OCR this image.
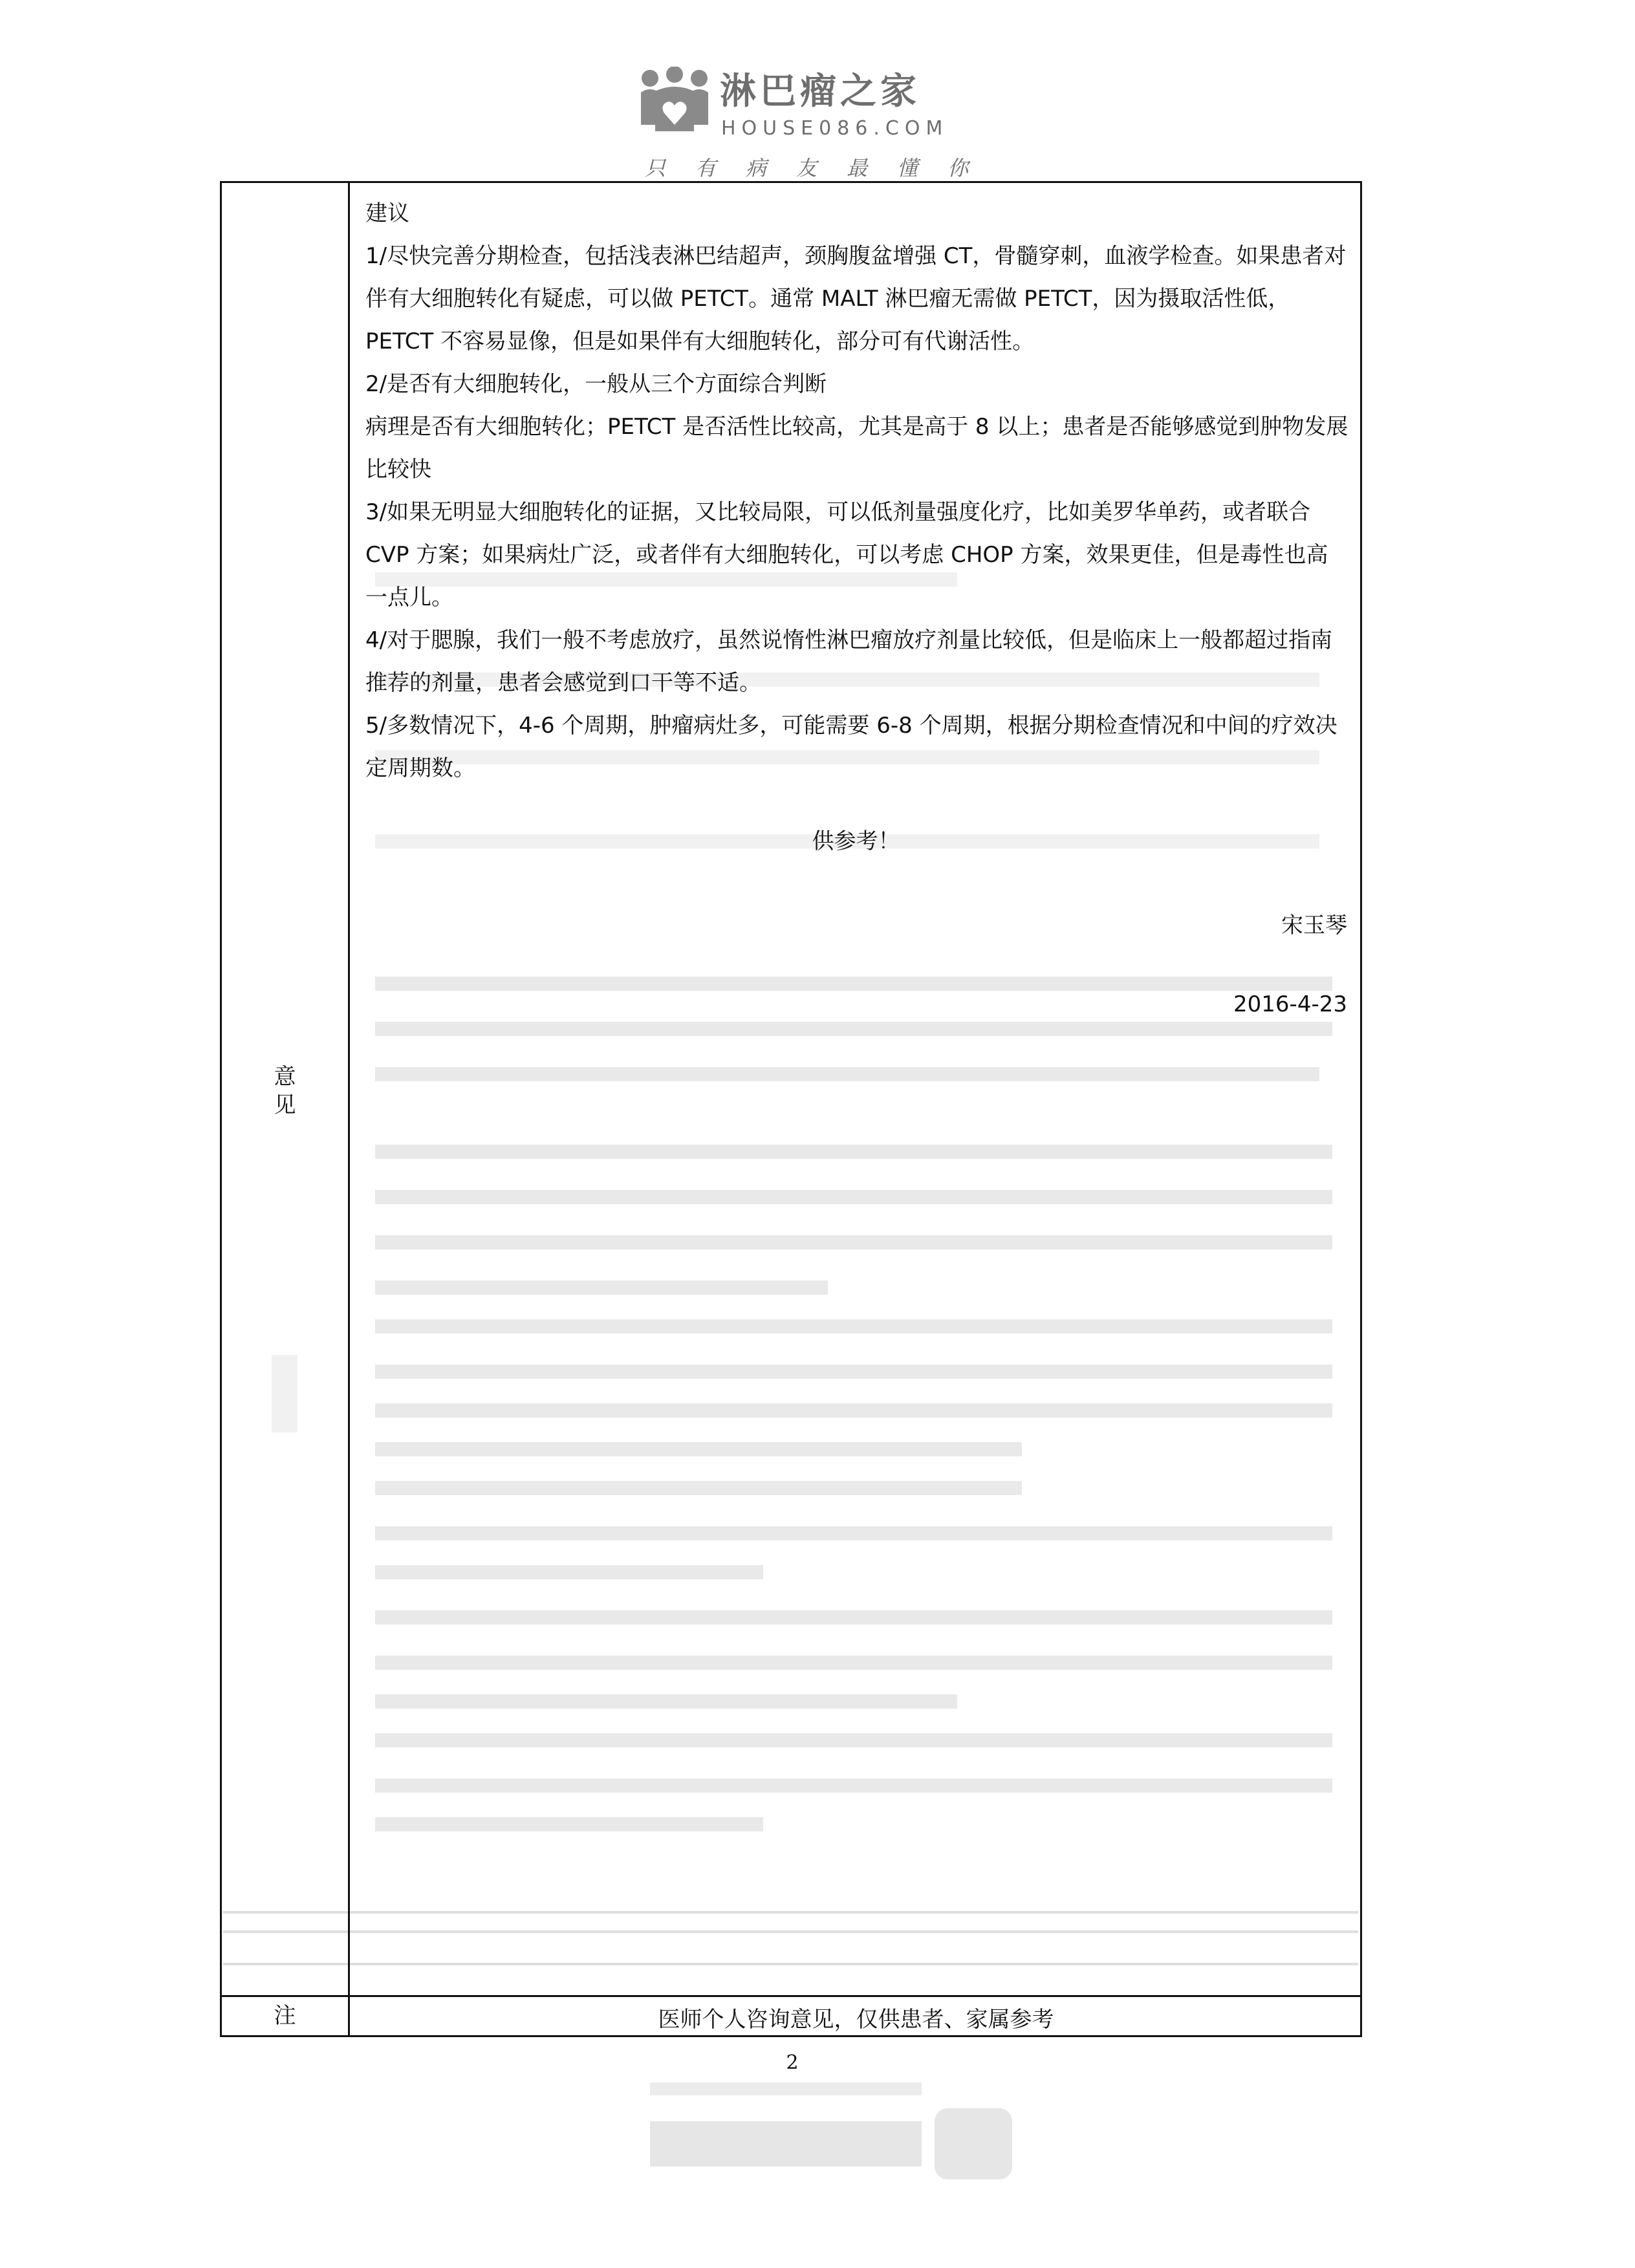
淋巴瘤之家
HOUSE086.COM
只有病友最懂你
意
见
注

建议

1/尽快完善分期检查，包括浅表淋巴结超声，颈胸腹盆增强 CT，骨髓穿刺，血液学检查。如果患者对伴有大细胞转化有疑虑，可以做 PETCT。通常 MALT 淋巴瘤无需做 PETCT，因为摄取活性低，PETCT 不容易显像，但是如果伴有大细胞转化，部分可有代谢活性。

2/是否有大细胞转化，一般从三个方面综合判断

病理是否有大细胞转化；PETCT 是否活性比较高，尤其是高于 8 以上；患者是否能够感觉到肿物发展比较快

3/如果无明显大细胞转化的证据，又比较局限，可以低剂量强度化疗，比如美罗华单药，或者联合 CVP 方案；如果病灶广泛，或者伴有大细胞转化，可以考虑 CHOP 方案，效果更佳，但是毒性也高一点儿。

4/对于腮腺，我们一般不考虑放疗，虽然说惰性淋巴瘤放疗剂量比较低，但是临床上一般都超过指南推荐的剂量，患者会感觉到口干等不适。

5/多数情况下，4-6 个周期，肿瘤病灶多，可能需要 6-8 个周期，根据分期检查情况和中间的疗效决定周期数。

供参考！
宋玉琴
2016-4-23
医师个人咨询意见，仅供患者、家属参考
2
